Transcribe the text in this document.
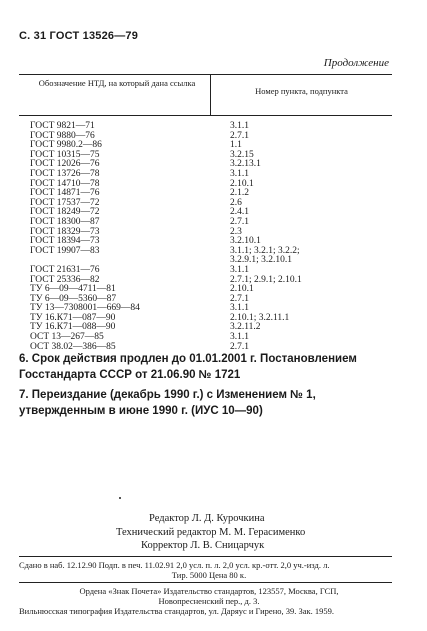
С. 31 ГОСТ 13526—79
Продолжение
Обозначение НТД, на который дана ссылка
Номер пункта, подпункта
ГОСТ 9821—71
ГОСТ 9880—76
ГОСТ 9980.2—86
ГОСТ 10315—75
ГОСТ 12026—76
ГОСТ 13726—78
ГОСТ 14710—78
ГОСТ 14871—76
ГОСТ 17537—72
ГОСТ 18249—72
ГОСТ 18300—87
ГОСТ 18329—73
ГОСТ 18394—73
ГОСТ 19907—83
ГОСТ 21631—76
ГОСТ 25336—82
ТУ 6—09—4711—81
ТУ 6—09—5360—87
ТУ 13—7308001—669—84
ТУ 16.К71—087—90
ТУ 16.К71—088—90
ОСТ 13—267—85
ОСТ 38.02—386—85
3.1.1
2.7.1
1.1
3.2.15
3.2.13.1
3.1.1
2.10.1
2.1.2
2.6
2.4.1
2.7.1
2.3
3.2.10.1
3.1.1; 3.2.1; 3.2.2;
3.2.9.1; 3.2.10.1
3.1.1
2.7.1; 2.9.1; 2.10.1
2.10.1
2.7.1
3.1.1
2.10.1; 3.2.11.1
3.2.11.2
3.1.1
2.7.1
6. Срок действия продлен до 01.01.2001 г. Постановлением Госстандарта СССР от 21.06.90 № 1721
7. Переиздание (декабрь 1990 г.) с Изменением № 1, утвержденным в июне 1990 г. (ИУС 10—90)
Редактор Л. Д. Курочкина
Технический редактор М. М. Герасименко
Корректор Л. В. Сницарчук
Сдано в наб. 12.12.90 Подп. в печ. 11.02.91 2,0 усл. п. л. 2,0 усл. кр.-отт. 2,0 уч.-изд. л.
Тир. 5000 Цена 80 к.
Ордена «Знак Почета» Издательство стандартов, 123557, Москва, ГСП,
Новопресненский пер., д. 3.
Вильнюсская типография Издательства стандартов, ул. Даряус и Гирено, 39. Зак. 1959.
